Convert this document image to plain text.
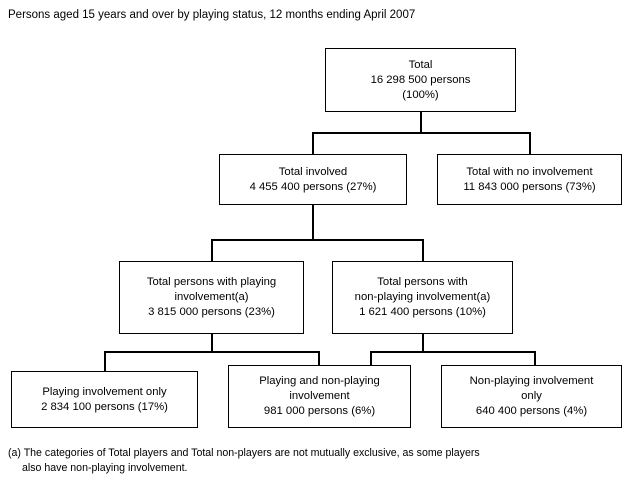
Persons aged 15 years and over by playing status, 12 months ending April 2007
Total
16 298 500 persons
(100%)
Total involved
4 455 400 persons (27%)
Total with no involvement
11 843 000 persons (73%)
Total persons with playing
involvement(a)
3 815 000 persons (23%)
Total persons with
non-playing involvement(a)
1 621 400 persons (10%)
Playing involvement only
2 834 100 persons (17%)
Playing and non-playing
involvement
981 000 persons (6%)
Non-playing involvement
only
640 400 persons (4%)
(a) The categories of Total players and Total non-players are not mutually exclusive, as some players
also have non-playing involvement.
